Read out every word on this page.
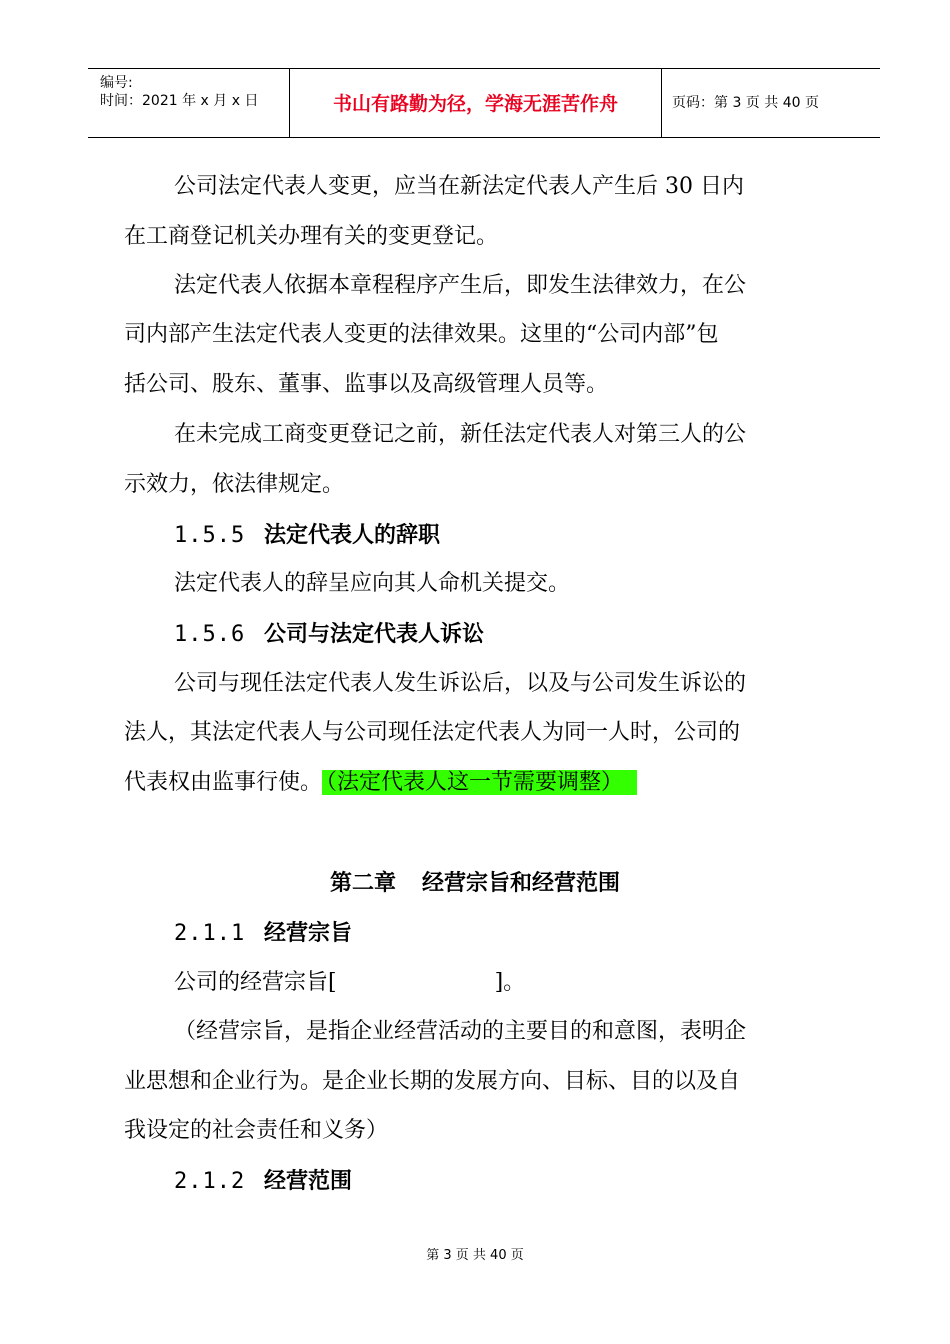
编号:
时间：2021 年 x 月 x 日	书山有路勤为径，学海无涯苦作舟	页码：第 3 页 共 40 页
公司法定代表人变更，应当在新法定代表人产生后 30 日内
在工商登记机关办理有关的变更登记。
法定代表人依据本章程程序产生后，即发生法律效力，在公
司内部产生法定代表人变更的法律效果。这里的“公司内部”包
括公司、股东、董事、监事以及高级管理人员等。
在未完成工商变更登记之前，新任法定代表人对第三人的公
示效力，依法律规定。
1.5.5 法定代表人的辞职
法定代表人的辞呈应向其人命机关提交。
1.5.6 公司与法定代表人诉讼
公司与现任法定代表人发生诉讼后，以及与公司发生诉讼的
法人，其法定代表人与公司现任法定代表人为同一人时，公司的
代表权由监事行使。 （法定代表人这一节需要调整）
第二章 经营宗旨和经营范围
2.1.1 经营宗旨
公司的经营宗旨[	]。
（经营宗旨，是指企业经营活动的主要目的和意图，表明企
业思想和企业行为。是企业长期的发展方向、目标、目的以及自
我设定的社会责任和义务）
2.1.2 经营范围
第 3 页 共 40 页
